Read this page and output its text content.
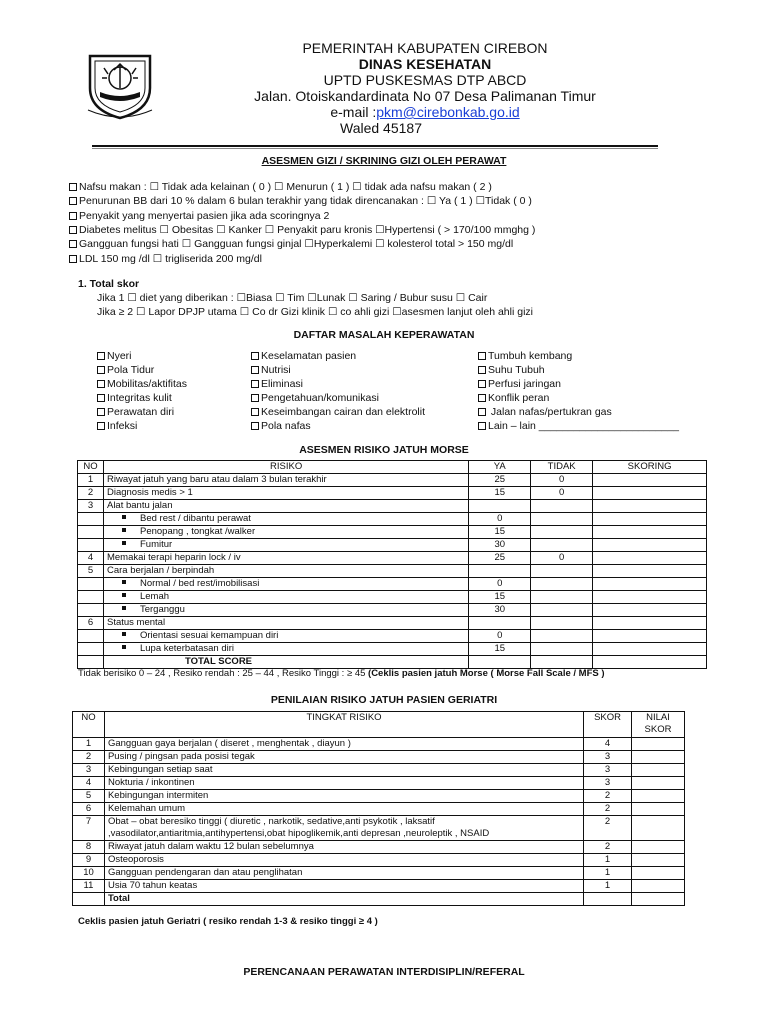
PEMERINTAH KABUPATEN CIREBON
DINAS KESEHATAN
UPTD PUSKESMAS DTP ABCD
Jalan. Otoiskandardinata No 07 Desa Palimanan Timur
e-mail :pkm@cirebonkab.go.id
Waled 45187
ASESMEN GIZI / SKRINING GIZI OLEH PERAWAT
Nafsu makan : ☐ Tidak ada kelainan ( 0 ) ☐ Menurun ( 1 ) ☐ tidak ada nafsu makan ( 2 )
Penurunan BB dari 10 % dalam 6 bulan terakhir yang tidak direncanakan : ☐ Ya ( 1 ) ☐Tidak ( 0 )
Penyakit yang menyertai pasien jika ada scoringnya 2
Diabetes melitus ☐ Obesitas ☐ Kanker ☐ Penyakit paru kronis ☐Hypertensi ( > 170/100 mmghg )
Gangguan fungsi hati ☐ Gangguan fungsi ginjal ☐Hyperkalemi ☐ kolesterol total > 150 mg/dl
LDL 150 mg /dl ☐ trigliserida 200 mg/dl
1. Total skor
Jika 1 ☐ diet yang diberikan : ☐Biasa ☐ Tim ☐Lunak ☐ Saring / Bubur susu ☐ Cair
Jika ≥ 2 ☐ Lapor DPJP utama ☐ Co dr Gizi klinik ☐ co ahli gizi ☐asesmen lanjut oleh ahli gizi
DAFTAR MASALAH KEPERAWATAN
Nyeri
Pola Tidur
Mobilitas/aktifitas
Integritas kulit
Perawatan diri
Infeksi
Keselamatan pasien
Nutrisi
Eliminasi
Pengetahuan/komunikasi
Keseimbangan cairan dan elektrolit
Pola nafas
Tumbuh kembang
Suhu Tubuh
Perfusi jaringan
Konflik peran
Jalan nafas/pertukran gas
Lain – lain ________________________
ASESMEN RISIKO JATUH MORSE
NO	RISIKO	YA	TIDAK	SKORING
1	Riwayat jatuh yang baru atau dalam 3 bulan terakhir	25	0	
2	Diagnosis medis > 1	15	0	
3	Alat bantu jalan			
	Bed rest / dibantu perawat	0		
	Penopang , tongkat /walker	15		
	Fumitur	30		
4	Memakai terapi heparin lock / iv	25	0	
5	Cara berjalan / berpindah			
	Normal / bed rest/imobilisasi	0		
	Lemah	15		
	Terganggu	30		
6	Status mental			
	Orientasi sesuai kemampuan diri	0		
	Lupa keterbatasan diri	15		
	TOTAL SCORE			
Tidak berisiko 0 – 24 , Resiko rendah : 25 – 44 , Resiko Tinggi : ≥ 45 (Ceklis pasien jatuh Morse ( Morse Fall Scale / MFS )
PENILAIAN RISIKO JATUH PASIEN GERIATRI
NO	TINGKAT RISIKO	SKOR	NILAI SKOR
1	Gangguan gaya berjalan ( diseret , menghentak , diayun )	4	
2	Pusing / pingsan pada posisi tegak	3	
3	Kebingungan setiap saat	3	
4	Nokturia / inkontinen	3	
5	Kebingungan intermiten	2	
6	Kelemahan umum	2	
7	Obat – obat beresiko tinggi ( diuretic , narkotik, sedative,anti psykotik , laksatif ,vasodilator,antiaritmia,antihypertensi,obat hipoglikemik,anti depresan ,neuroleptik , NSAID	2	
8	Riwayat jatuh dalam waktu 12 bulan sebelumnya	2	
9	Osteoporosis	1	
10	Gangguan pendengaran dan atau penglihatan	1	
11	Usia 70 tahun keatas	1	
	Total		
Ceklis pasien jatuh Geriatri ( resiko rendah 1-3 & resiko tinggi ≥ 4 )
PERENCANAAN PERAWATAN INTERDISIPLIN/REFERAL
